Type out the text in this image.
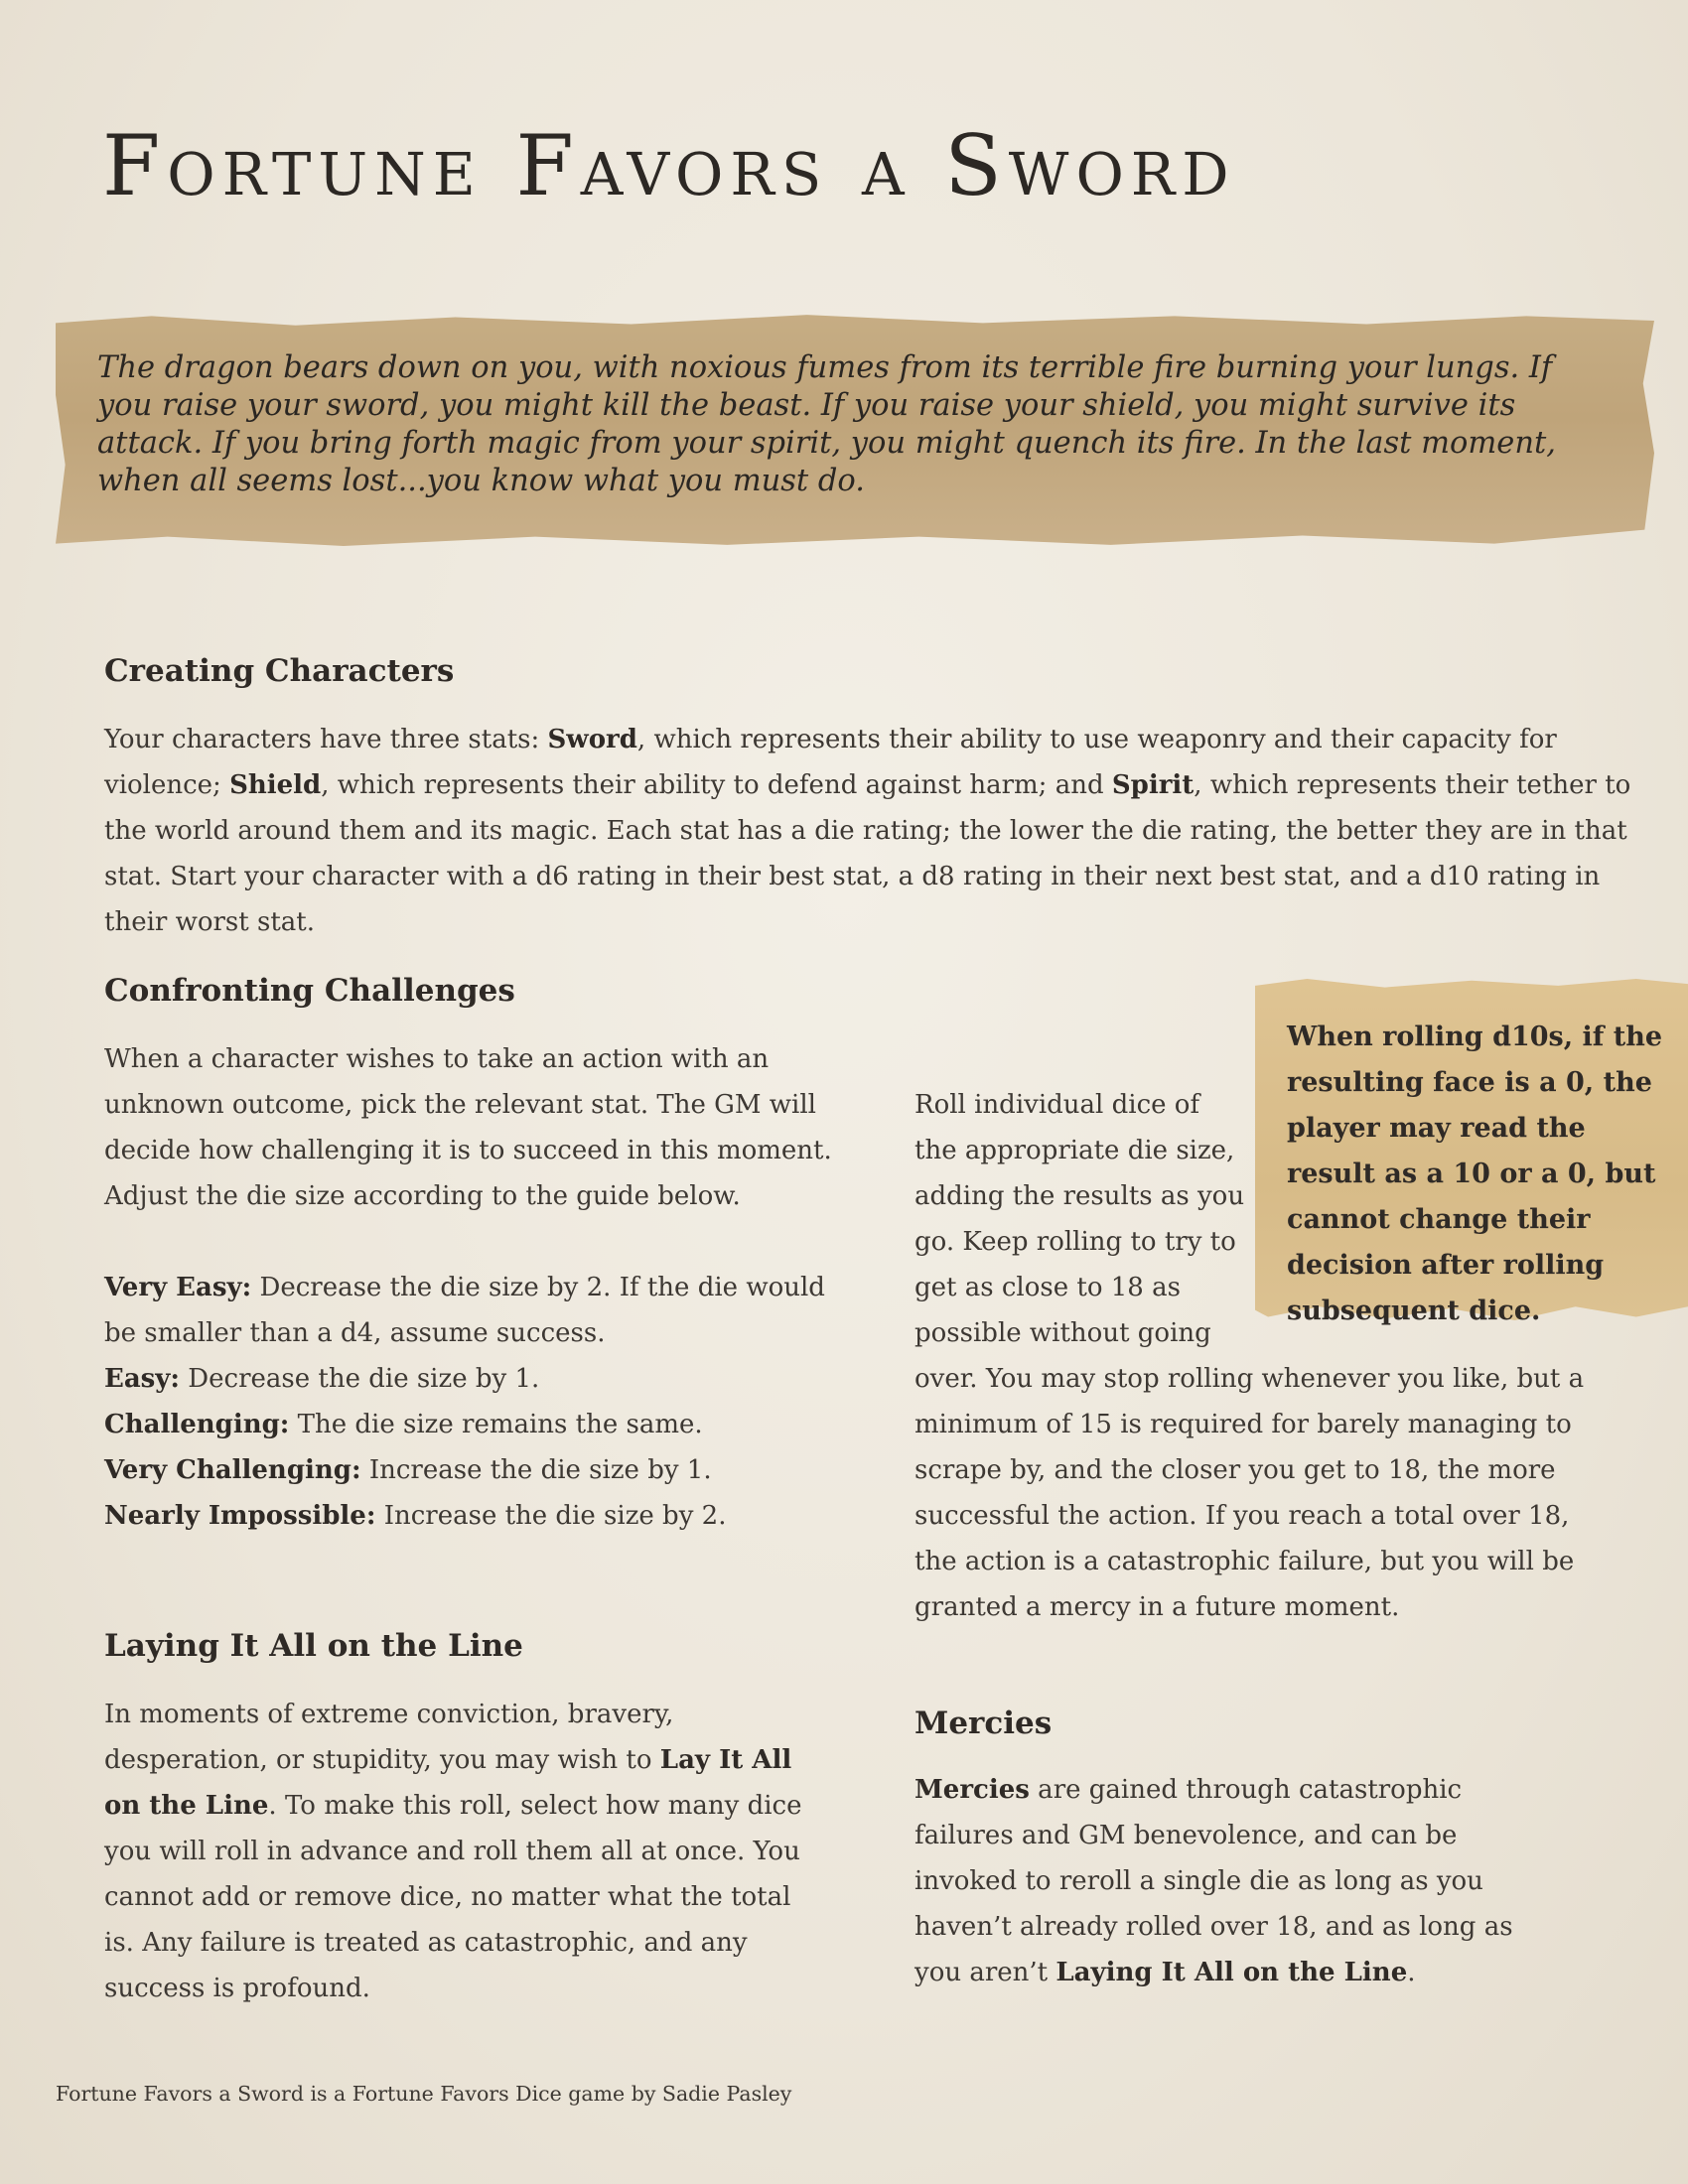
Fortune Favors a Sword

The dragon bears down on you, with noxious fumes from its terrible fire burning your lungs. If you raise your sword, you might kill the beast. If you raise your shield, you might survive its attack. If you bring forth magic from your spirit, you might quench its fire. In the last moment, when all seems lost...you know what you must do.

Creating Characters

Your characters have three stats: Sword, which represents their ability to use weaponry and their capacity for violence; Shield, which represents their ability to defend against harm; and Spirit, which represents their tether to the world around them and its magic. Each stat has a die rating; the lower the die rating, the better they are in that stat. Start your character with a d6 rating in their best stat, a d8 rating in their next best stat, and a d10 rating in their worst stat.

Confronting Challenges

When a character wishes to take an action with an unknown outcome, pick the relevant stat. The GM will decide how challenging it is to succeed in this moment. Adjust the die size according to the guide below.

Very Easy: Decrease the die size by 2. If the die would be smaller than a d4, assume success.

Easy: Decrease the die size by 1.

Challenging: The die size remains the same.

Very Challenging: Increase the die size by 1.

Nearly Impossible: Increase the die size by 2.

Roll individual dice of

the appropriate die size,

adding the results as you

go. Keep rolling to try to

get as close to 18 as

possible without going

over. You may stop rolling whenever you like, but a minimum of 15 is required for barely managing to scrape by, and the closer you get to 18, the more successful the action. If you reach a total over 18, the action is a catastrophic failure, but you will be granted a mercy in a future moment.

When rolling d10s, if the resulting face is a 0, the player may read the result as a 10 or a 0, but cannot change their decision after rolling subsequent dice.

Laying It All on the Line

In moments of extreme conviction, bravery, desperation, or stupidity, you may wish to Lay It All on the Line. To make this roll, select how many dice you will roll in advance and roll them all at once. You cannot add or remove dice, no matter what the total is. Any failure is treated as catastrophic, and any success is profound.

Mercies

Mercies are gained through catastrophic failures and GM benevolence, and can be invoked to reroll a single die as long as you haven’t already rolled over 18, and as long as you aren’t Laying It All on the Line.

Fortune Favors a Sword is a Fortune Favors Dice game by Sadie Pasley
